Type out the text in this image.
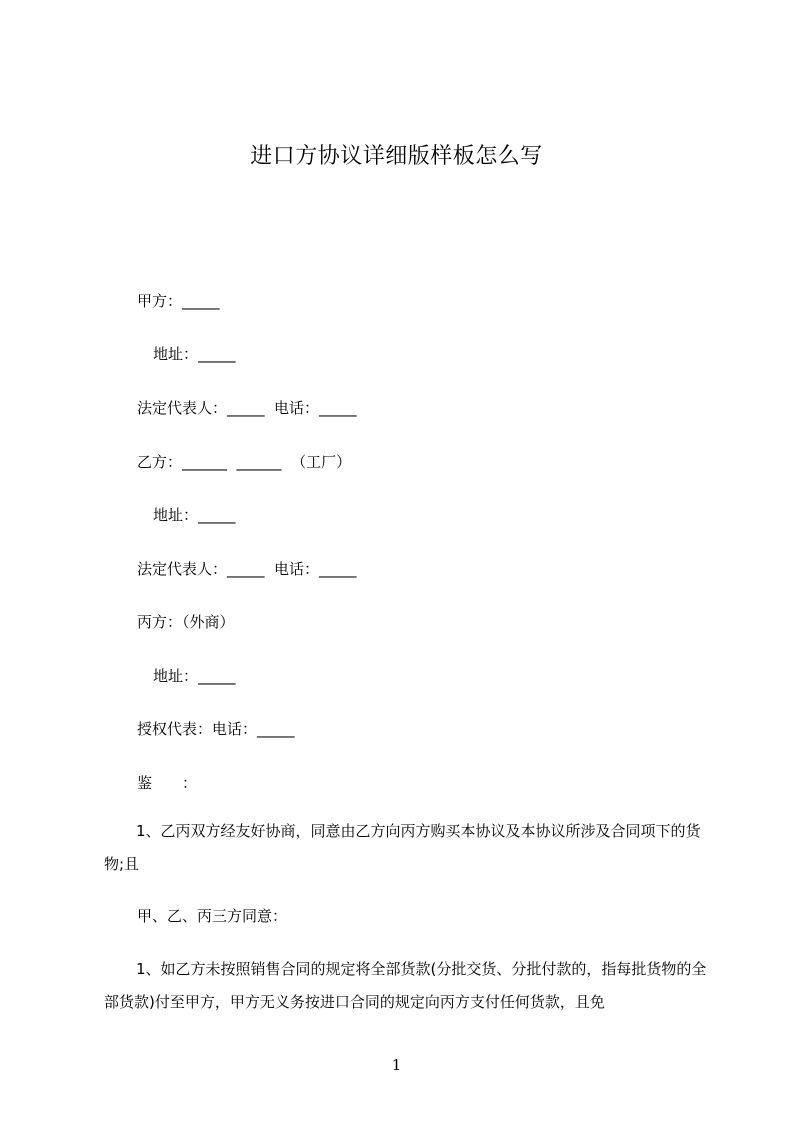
进口方协议详细版样板怎么写
甲方：_____
地址：_____
法定代表人：_____  电话：_____
乙方：______  ______  （工厂）
地址：_____
法定代表人：_____  电话：_____
丙方：（外商）
地址：_____
授权代表：电话：_____
鉴　　：

1、乙丙双方经友好协商，同意由乙方向丙方购买本协议及本协议所涉及合同项下的货物;且

甲、乙、丙三方同意：

1、如乙方未按照销售合同的规定将全部货款(分批交货、分批付款的，指每批货物的全部货款)付至甲方，甲方无义务按进口合同的规定向丙方支付任何货款，且免

1
